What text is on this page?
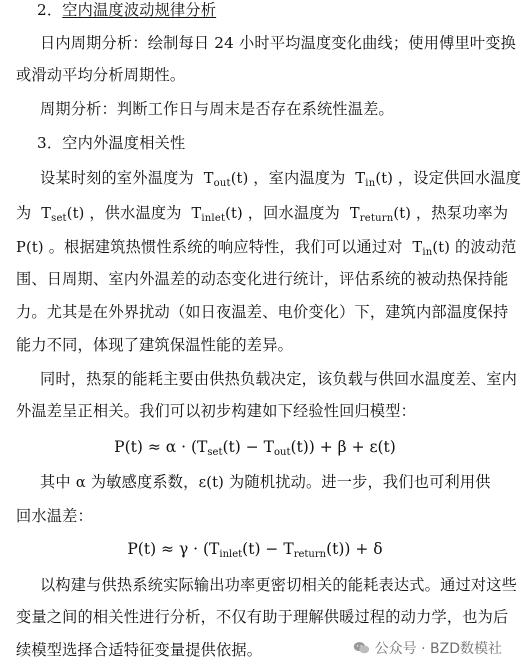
2．空内温度波动规律分析
日内周期分析：绘制每日 24 小时平均温度变化曲线；使用傅里叶变换
或滑动平均分析周期性。
周期分析：判断工作日与周末是否存在系统性温差。
3．空内外温度相关性
设某时刻的室外温度为  $T_{out}(t)$ ，室内温度为  $T_{in}(t)$ ，设定供回水温度
为  $T_{set}(t)$ ，供水温度为  $T_{inlet}(t)$ ，回水温度为  $T_{return}(t)$ ，热泵功率为
P(t) 。根据建筑热惯性系统的响应特性，我们可以通过对  $T_{in}(t)$ 的波动范
围、日周期、室内外温差的动态变化进行统计，评估系统的被动热保持能
力。尤其是在外界扰动（如日夜温差、电价变化）下，建筑内部温度保持
能力不同，体现了建筑保温性能的差异。
同时，热泵的能耗主要由供热负载决定，该负载与供回水温度差、室内
外温差呈正相关。我们可以初步构建如下经验性回归模型：
$P(t) \approx \alpha \cdot (T_{set}(t) - T_{out}(t)) + \beta + \varepsilon(t)$
其中 α 为敏感度系数，ε(t) 为随机扰动。进一步，我们也可利用供
回水温差：
$P(t) \approx \gamma \cdot (T_{inlet}(t) - T_{return}(t)) + \delta$
以构建与供热系统实际输出功率更密切相关的能耗表达式。通过对这些
变量之间的相关性进行分析，不仅有助于理解供暖过程的动力学，也为后
续模型选择合适特征变量提供依据。	公众号 · BZD数模社
